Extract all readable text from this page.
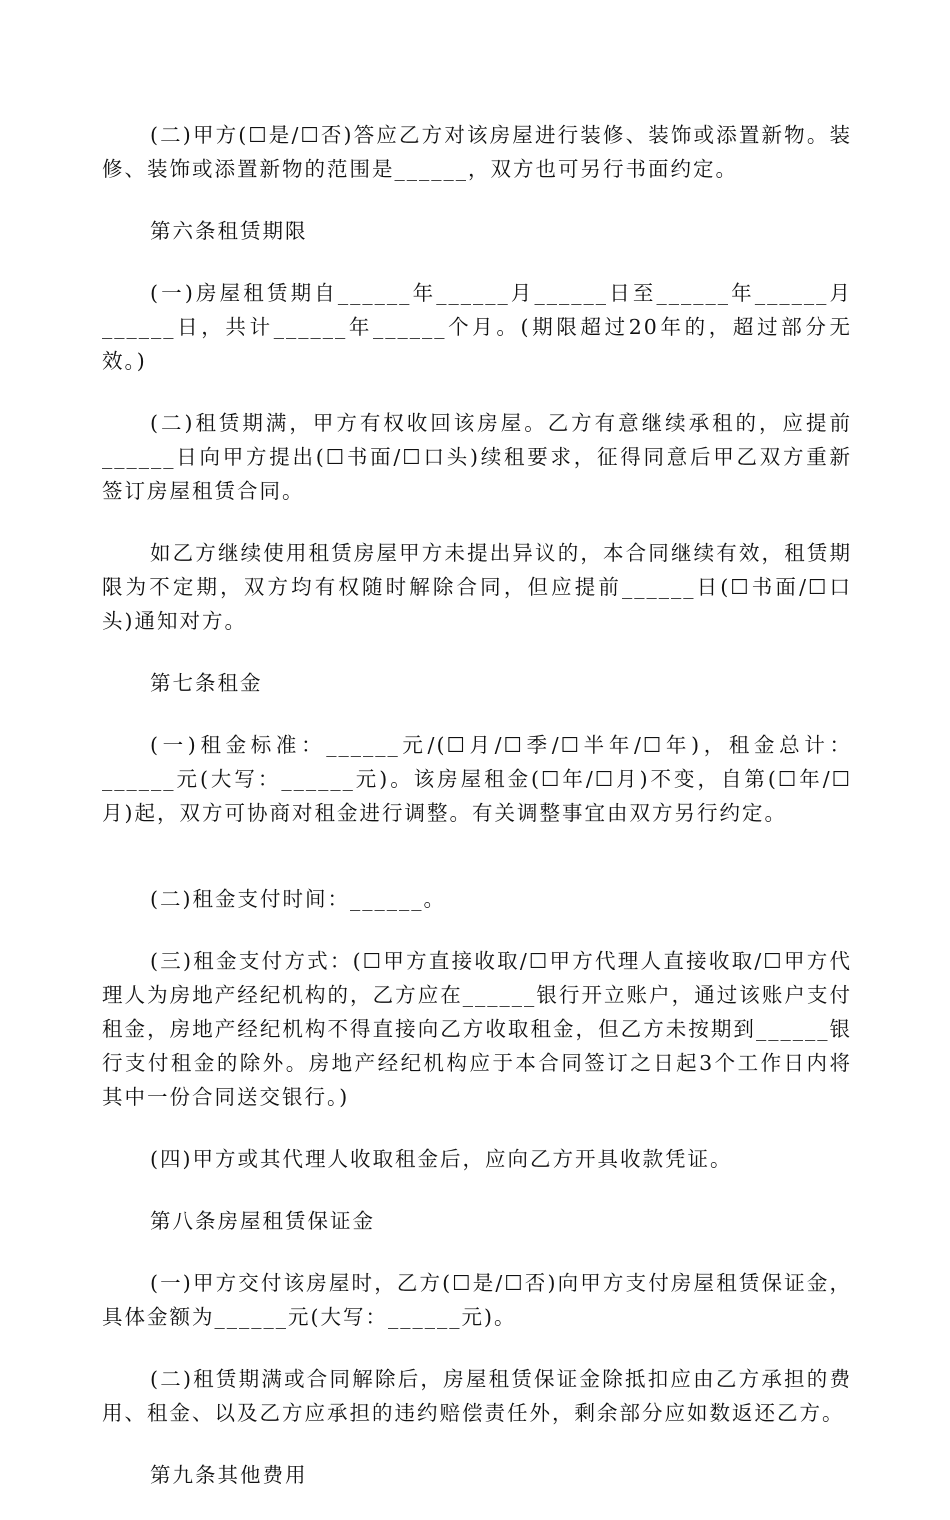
(二)甲方(☐是/☐否)答应乙方对该房屋进行装修、装饰或添置新物。装修、装饰或添置新物的范围是______，双方也可另行书面约定。

第六条租赁期限

(一)房屋租赁期自______年______月______日至______年______月______日，共计______年______个月。(期限超过20年的，超过部分无效。)

(二)租赁期满，甲方有权收回该房屋。乙方有意继续承租的，应提前______日向甲方提出(☐书面/☐口头)续租要求，征得同意后甲乙双方重新签订房屋租赁合同。

如乙方继续使用租赁房屋甲方未提出异议的，本合同继续有效，租赁期限为不定期，双方均有权随时解除合同，但应提前______日(☐书面/☐口头)通知对方。

第七条租金

(一)租金标准：______元/(☐月/☐季/☐半年/☐年)，租金总计：______元(大写：______元)。该房屋租金(☐年/☐月)不变，自第(☐年/☐月)起，双方可协商对租金进行调整。有关调整事宜由双方另行约定。

(二)租金支付时间：______。

(三)租金支付方式：(☐甲方直接收取/☐甲方代理人直接收取/☐甲方代理人为房地产经纪机构的，乙方应在______银行开立账户，通过该账户支付租金，房地产经纪机构不得直接向乙方收取租金，但乙方未按期到______银行支付租金的除外。房地产经纪机构应于本合同签订之日起3个工作日内将其中一份合同送交银行。)

(四)甲方或其代理人收取租金后，应向乙方开具收款凭证。

第八条房屋租赁保证金

(一)甲方交付该房屋时，乙方(☐是/☐否)向甲方支付房屋租赁保证金，具体金额为______元(大写：______元)。

(二)租赁期满或合同解除后，房屋租赁保证金除抵扣应由乙方承担的费用、租金、以及乙方应承担的违约赔偿责任外，剩余部分应如数返还乙方。

第九条其他费用
